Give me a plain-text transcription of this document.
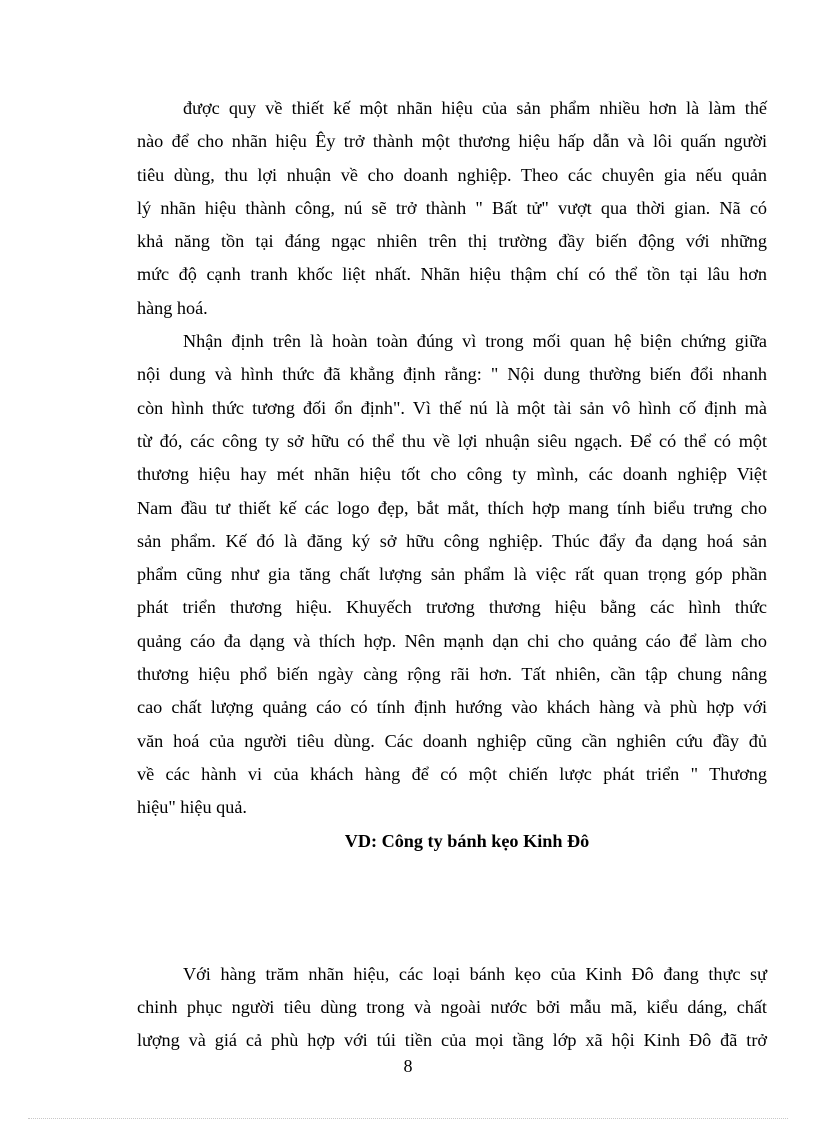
được quy về thiết kế một nhãn hiệu của sản phẩm nhiều hơn là làm thế
nào để cho nhãn hiệu Êy trở thành một thương hiệu hấp dẫn và lôi quấn người
tiêu dùng, thu lợi nhuận về cho doanh nghiệp. Theo các chuyên gia nếu quản
lý nhãn hiệu thành công, nú sẽ trở thành " Bất tử" vượt qua thời gian. Nã có
khả năng tồn tại đáng ngạc nhiên trên thị trường đầy biến động với những
mức độ cạnh tranh khốc liệt nhất. Nhãn hiệu thậm chí có thể tồn tại lâu hơn
hàng hoá.
Nhận định trên là hoàn toàn đúng vì trong mối quan hệ biện chứng giữa
nội dung và hình thức đã khẳng định rằng: " Nội dung thường biến đổi nhanh
còn hình thức tương đối ổn định". Vì thế nú là một tài sản vô hình cố định mà
từ đó, các công ty sở hữu có thể thu về lợi nhuận siêu ngạch. Để có thể có một
thương hiệu hay mét nhãn hiệu tốt cho công ty mình, các doanh nghiệp Việt
Nam đầu tư thiết kế các logo đẹp, bắt mắt, thích hợp mang tính biểu trưng cho
sản phẩm. Kế đó là đăng ký sở hữu công nghiệp. Thúc đẩy đa dạng hoá sản
phẩm cũng như gia tăng chất lượng sản phẩm là việc rất quan trọng góp phần
phát triển thương hiệu. Khuyếch trương thương hiệu bằng các hình thức
quảng cáo đa dạng và thích hợp. Nên mạnh dạn chi cho quảng cáo để làm cho
thương hiệu phổ biến ngày càng rộng rãi hơn. Tất nhiên, cần tập chung nâng
cao chất lượng quảng cáo có tính định hướng vào khách hàng và phù hợp với
văn hoá của người tiêu dùng. Các doanh nghiệp cũng cần nghiên cứu đầy đủ
về các hành vi của khách hàng để có một chiến lược phát triển " Thương
hiệu" hiệu quả.
VD: Công ty bánh kẹo Kinh Đô
Với hàng trăm nhãn hiệu, các loại bánh kẹo của Kinh Đô đang thực sự
chinh phục người tiêu dùng trong và ngoài nước bởi mẫu mã, kiểu dáng, chất
lượng và giá cả phù hợp với túi tiền của mọi tầng lớp xã hội Kinh Đô đã trở
8
